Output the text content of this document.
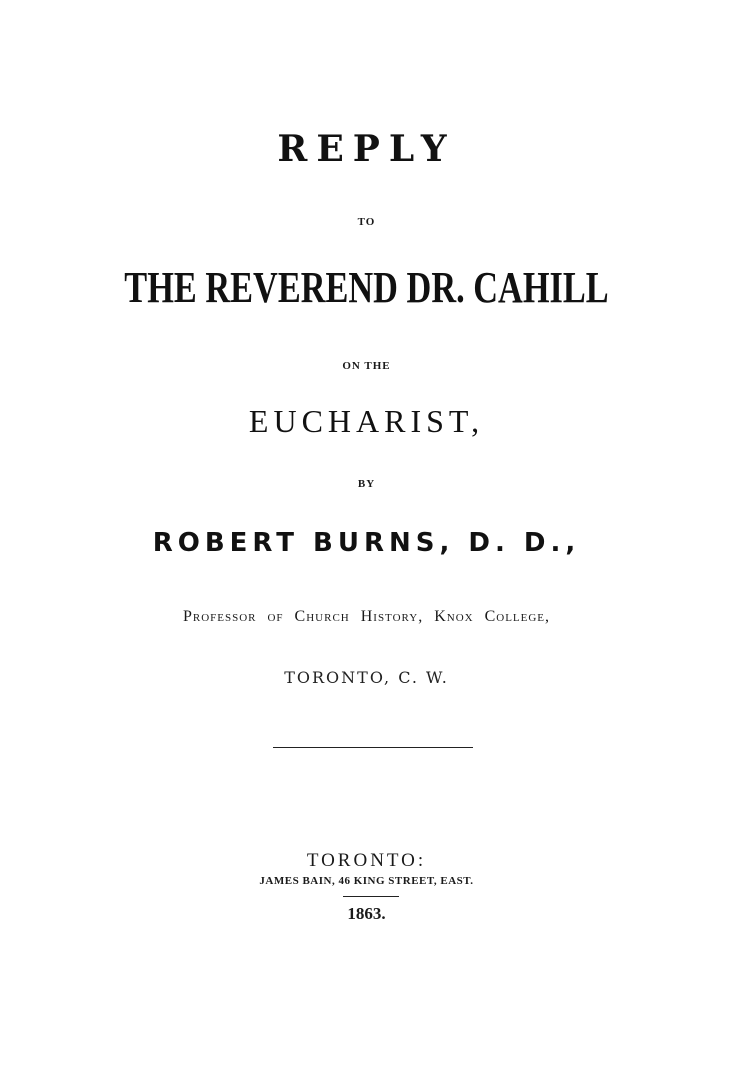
REPLY
TO
THE REVEREND DR. CAHILL
ON THE
EUCHARIST,
BY
ROBERT BURNS, D. D.,
Professor of Church History, Knox College,
TORONTO, C. W.
TORONTO:
JAMES BAIN, 46 KING STREET, EAST.
1863.
